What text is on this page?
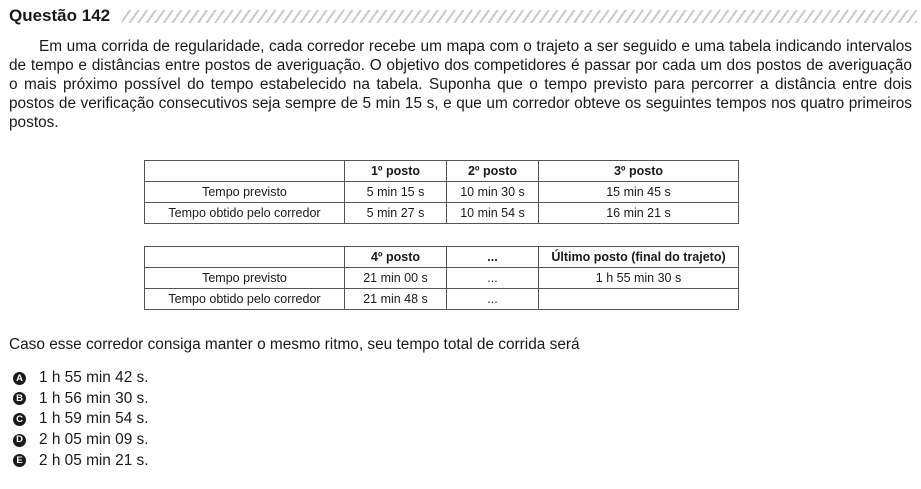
Questão 142

Em uma corrida de regularidade, cada corredor recebe um mapa com o trajeto a ser seguido e uma tabela indicando intervalos de tempo e distâncias entre postos de averiguação. O objetivo dos competidores é passar por cada um dos postos de averiguação o mais próximo possível do tempo estabelecido na tabela. Suponha que o tempo previsto para percorrer a distância entre dois postos de verificação consecutivos seja sempre de 5 min 15 s, e que um corredor obteve os seguintes tempos nos quatro primeiros postos.

	1º posto	2º posto	3º posto
Tempo previsto	5 min 15 s	10 min 30 s	15 min 45 s
Tempo obtido pelo corredor	5 min 27 s	10 min 54 s	16 min 21 s
	4º posto	...	Último posto (final do trajeto)
Tempo previsto	21 min 00 s	...	1 h 55 min 30 s
Tempo obtido pelo corredor	21 min 48 s	...	

Caso esse corredor consiga manter o mesmo ritmo, seu tempo total de corrida será

A 1 h 55 min 42 s.
B 1 h 56 min 30 s.
C 1 h 59 min 54 s.
D 2 h 05 min 09 s.
E 2 h 05 min 21 s.
